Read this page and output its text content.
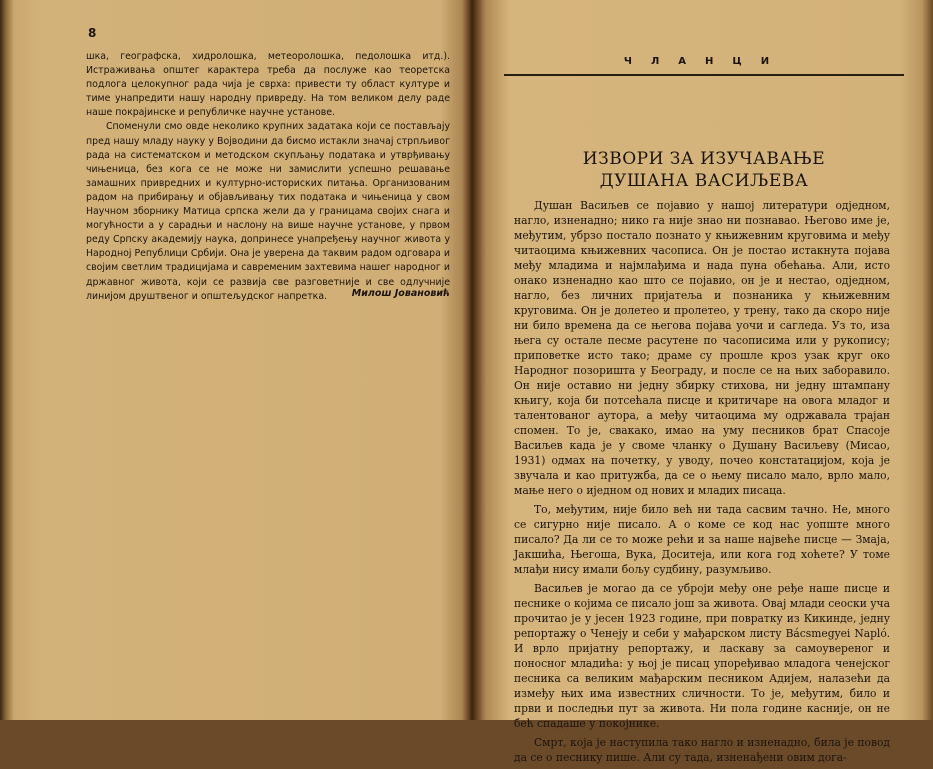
8

шка, географска, хидролошка, метеоролошка, педолошка итд.). Истраживања општег карактера треба да послуже као теоретска подлога целокупног рада чија је сврха: привести ту област културе и тиме унапредити нашу народну привреду. На том великом делу раде наше покрајинске и републичке научне установе.

Споменули смо овде неколико крупних задатака који се постављају пред нашу младу науку у Војводини да бисмо истакли значај стрпљивог рада на систематском и методском скупљању података и утврђивању чињеница, без кога се не може ни замислити успешно решавање замашних привредних и културно-историских питања. Организованим радом на прибирању и објављивању тих података и чињеница у свом Научном зборнику Матица српска жели да у границама својих снага и могућности а у сарадњи и наслону на више научне установе, у првом реду Српску академију наука, допринесе унапређењу научног живота у Народној Републици Србији. Она је уверена да таквим радом одговара и својим светлим традицијама и савременим захтевима нашег народног и државног живота, који се развија све разговетније и све одлучније линијом друштвеног и општељудског напретка.	Милош Јовановић
ЧЛАНЦИ
ИЗВОРИ ЗА ИЗУЧАВАЊЕ
ДУШАНА ВАСИЉЕВА

Душан Васиљев се појавио у нашој литератури одједном, нагло, изненадно; нико га није знао ни познавао. Његово име је, међутим, убрзо постало познато у књижевним круговима и међу читаоцима књижевних часописа. Он је постао истакнута појава међу младима и најмлађима и нада пуна обећања. Али, исто онако изненадно као што се појавио, он је и нестао, одједном, нагло, без личних пријатеља и познаника у књижевним круговима. Он је долетео и пролетео, у трену, тако да скоро није ни било времена да се његова појава уочи и сагледа. Уз то, иза њега су остале песме расутене по часописима или у рукопису; приповетке исто тако; драме су прошле кроз узак круг око Народног позоришта у Београду, и после се на њих заборавило. Он није оставио ни једну збирку стихова, ни једну штампану књигу, која би потсећала писце и критичаре на овога младог и талентованог аутора, а међу читаоцима му одржавала трајан спомен. То је, свакако, имао на уму песников брат Спасоје Васиљев када је у своме чланку о Душану Васиљеву (Мисао, 1931) одмах на почетку, у уводу, почео констатацијом, која је звучала и као притужба, да се о њему писало мало, врло мало, мање него о иједном од нових и младих писаца.

То, међутим, није било већ ни тада сасвим тачно. Не, много се сигурно није писало. А о коме се код нас уопште много писало? Да ли се то може рећи и за наше највеће писце — Змаја, Јакшића, Његоша, Вука, Доситеја, или кога год хоћете? У томе млађи нису имали бољу судбину, разумљиво.

Васиљев је могао да се уброји међу оне ређе наше писце и песнике о којима се писало још за живота. Овај млади сеоски уча прочитао је у јесен 1923 године, при повратку из Кикинде, једну репортажу о Ченеју и себи у мађарском листу Bácsmegyei Napló. И врло пријатну репортажу, и ласкаву за самоувереног и поносног младића: у њој је писац упоређивао младога ченејског песника са великим мађарским песником Адијем, налазећи да између њих има известних сличности. То је, међутим, било и први и последњи пут за живота. Ни пола године касније, он не бећ спадаше у покојнике.

Смрт, која је наступила тако нагло и изненадно, била је повод да се о песнику пише. Али су тада, изненађени овим дога-
